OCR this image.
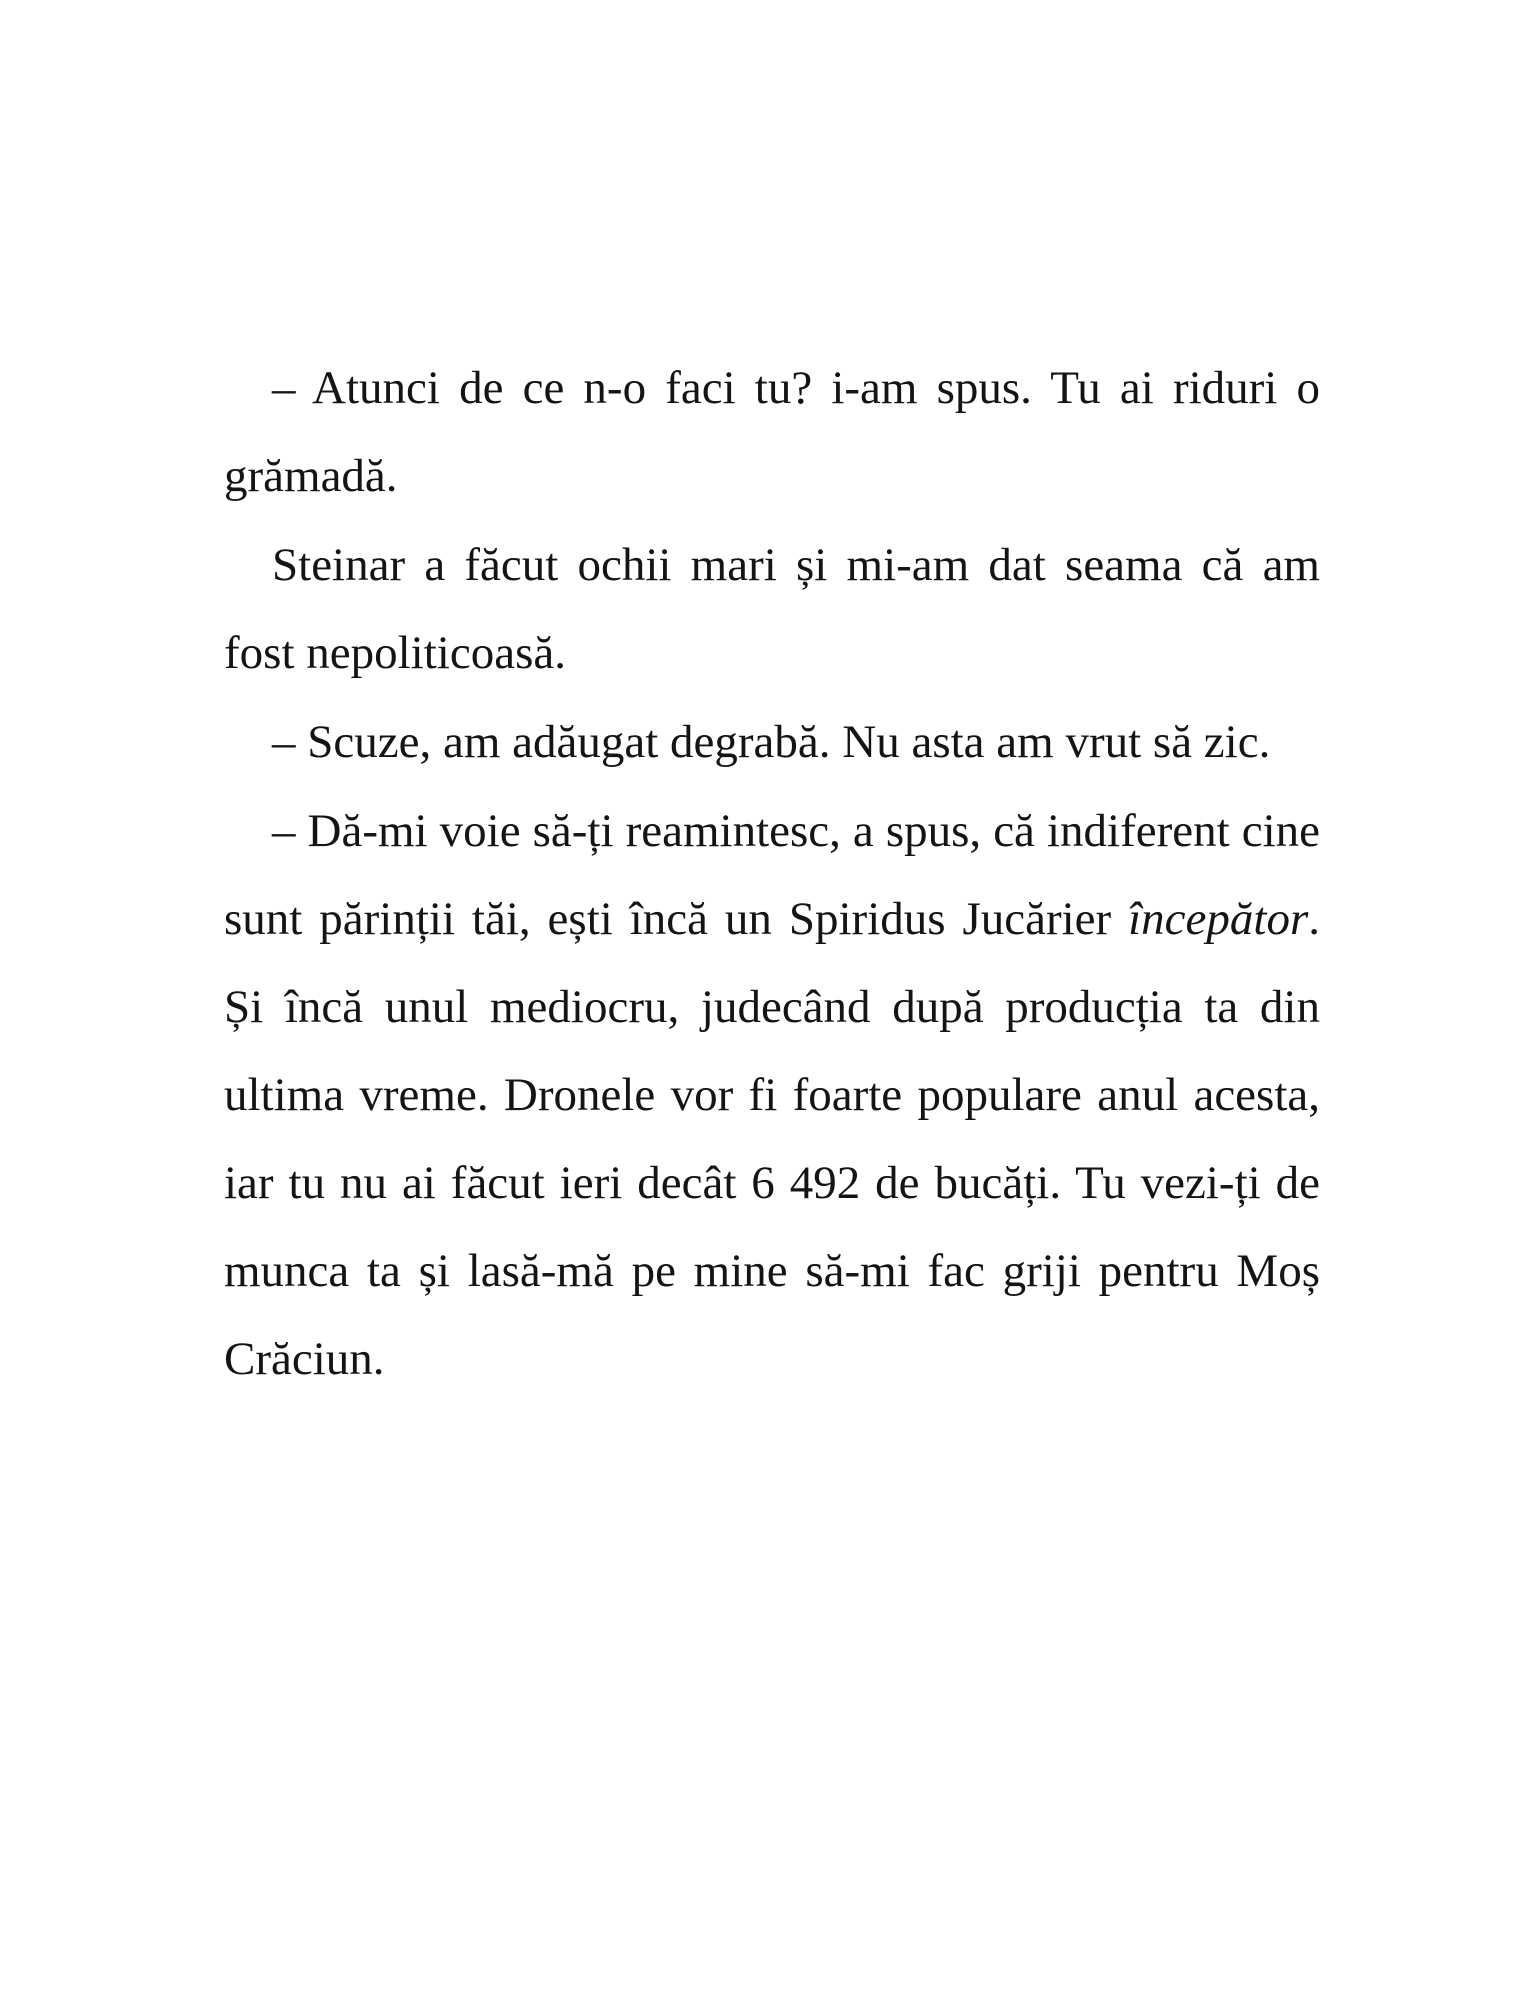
– Atunci de ce n-o faci tu? i-am spus. Tu ai riduri o grămadă.

Steinar a făcut ochii mari și mi-am dat seama că am fost nepoliticoasă.

– Scuze, am adăugat degrabă. Nu asta am vrut să zic.

– Dă-mi voie să-ți reamintesc, a spus, că indiferent cine sunt părinții tăi, ești încă un Spiridus Jucărier începător. Și încă unul mediocru, judecând după producția ta din ultima vreme. Dronele vor fi foarte populare anul acesta, iar tu nu ai făcut ieri decât 6 492 de bucăți. Tu vezi-ți de munca ta și lasă-mă pe mine să-mi fac griji pentru Moș Crăciun.
